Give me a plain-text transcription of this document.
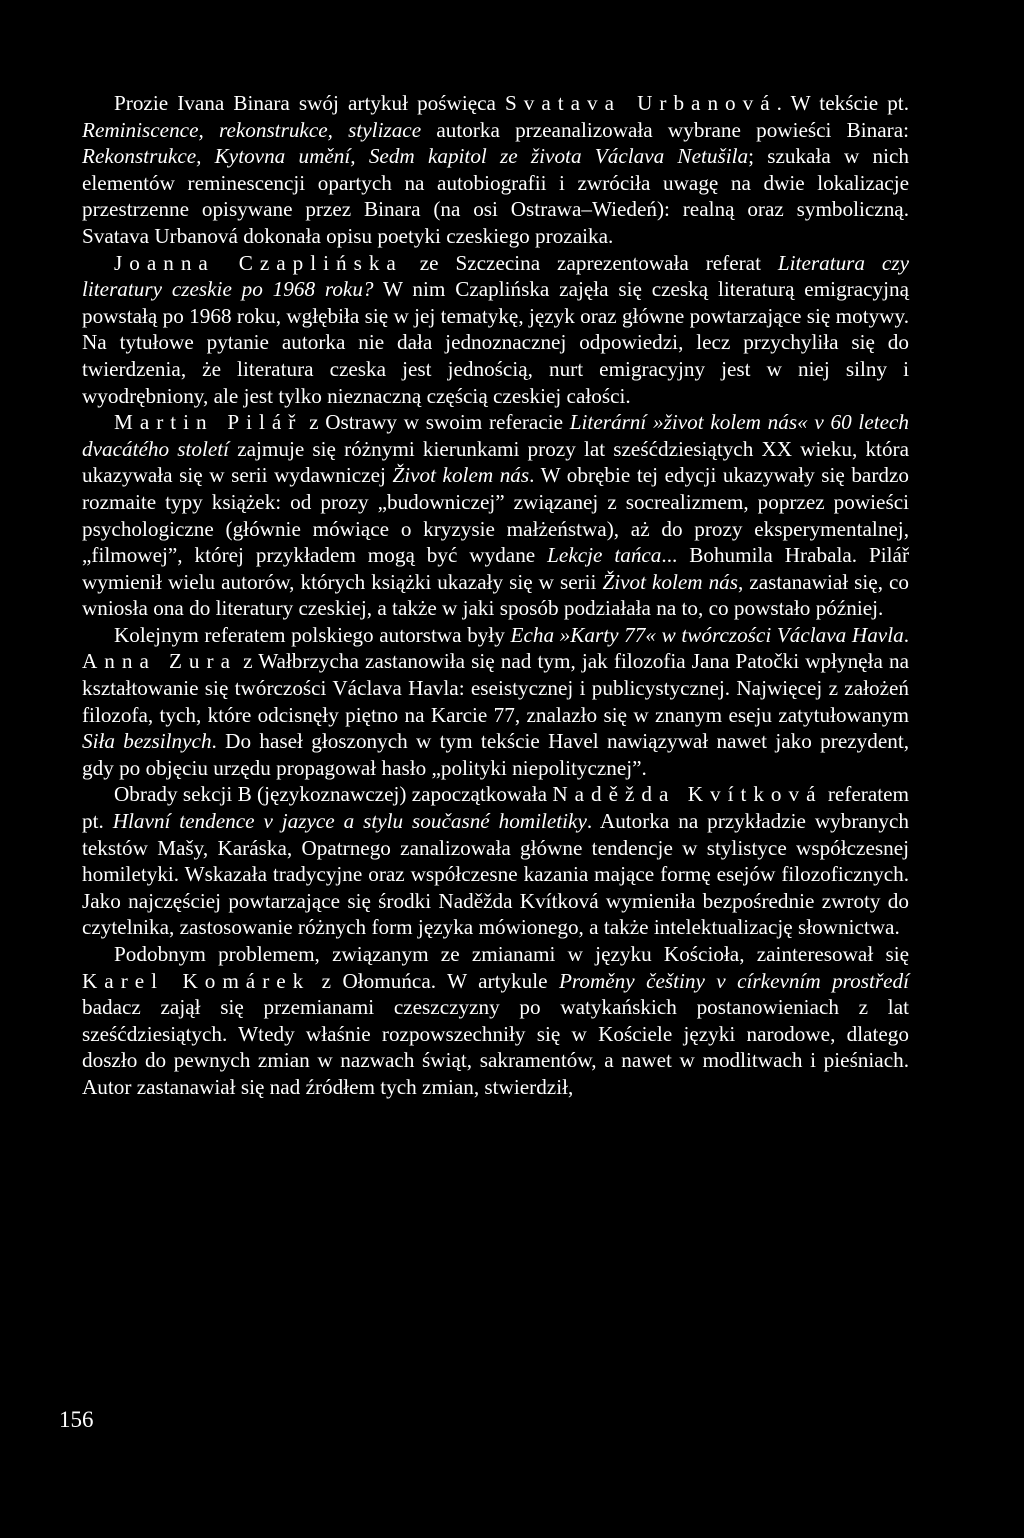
Prozie Ivana Binara swój artykuł poświęca Svatava Urbanová. W tekście pt. Reminiscence, rekonstrukce, stylizace autorka przeanalizowała wybrane powieści Binara: Rekonstrukce, Kytovna umění, Sedm kapitol ze života Václava Netušila; szukała w nich elementów reminescencji opartych na autobiografii i zwróciła uwagę na dwie lokalizacje przestrzenne opisywane przez Binara (na osi Ostrawa–Wiedeń): realną oraz symboliczną. Svatava Urbanová dokonała opisu poetyki czeskiego prozaika.

Joanna Czaplińska ze Szczecina zaprezentowała referat Literatura czy literatury czeskie po 1968 roku? W nim Czaplińska zajęła się czeską literaturą emigracyjną powstałą po 1968 roku, wgłębiła się w jej tematykę, język oraz główne powtarzające się motywy. Na tytułowe pytanie autorka nie dała jednoznacznej odpowiedzi, lecz przychyliła się do twierdzenia, że literatura czeska jest jednością, nurt emigracyjny jest w niej silny i wyodrębniony, ale jest tylko nieznaczną częścią czeskiej całości.

Martin Pilář z Ostrawy w swoim referacie Literární »život kolem nás« v 60 letech dvacátého století zajmuje się różnymi kierunkami prozy lat sześćdziesiątych XX wieku, która ukazywała się w serii wydawniczej Život kolem nás. W obrębie tej edycji ukazywały się bardzo rozmaite typy książek: od prozy „budowniczej” związanej z socrealizmem, poprzez powieści psychologiczne (głównie mówiące o kryzysie małżeństwa), aż do prozy eksperymentalnej, „filmowej”, której przykładem mogą być wydane Lekcje tańca... Bohumila Hrabala. Pilář wymienił wielu autorów, których książki ukazały się w serii Život kolem nás, zastanawiał się, co wniosła ona do literatury czeskiej, a także w jaki sposób podziałała na to, co powstało później.

Kolejnym referatem polskiego autorstwa były Echa »Karty 77« w twórczości Václava Havla. Anna Zura z Wałbrzycha zastanowiła się nad tym, jak filozofia Jana Patočki wpłynęła na kształtowanie się twórczości Václava Havla: eseistycznej i publicystycznej. Najwięcej z założeń filozofa, tych, które odcisnęły piętno na Karcie 77, znalazło się w znanym eseju zatytułowanym Siła bezsilnych. Do haseł głoszonych w tym tekście Havel nawiązywał nawet jako prezydent, gdy po objęciu urzędu propagował hasło „polityki niepolitycznej”.

Obrady sekcji B (językoznawczej) zapoczątkowała Naděžda Kvítková referatem pt. Hlavní tendence v jazyce a stylu současné homiletiky. Autorka na przykładzie wybranych tekstów Mašy, Karáska, Opatrnego zanalizowała główne tendencje w stylistyce współczesnej homiletyki. Wskazała tradycyjne oraz współczesne kazania mające formę esejów filozoficznych. Jako najczęściej powtarzające się środki Naděžda Kvítková wymieniła bezpośrednie zwroty do czytelnika, zastosowanie różnych form języka mówionego, a także intelektualizację słownictwa.

Podobnym problemem, związanym ze zmianami w języku Kościoła, zainteresował się Karel Komárek z Ołomuńca. W artykule Proměny češtiny v církevním prostředí badacz zajął się przemianami czeszczyzny po watykańskich postanowieniach z lat sześćdziesiątych. Wtedy właśnie rozpowszechniły się w Kościele języki narodowe, dlatego doszło do pewnych zmian w nazwach świąt, sakramentów, a nawet w modlitwach i pieśniach. Autor zastanawiał się nad źródłem tych zmian, stwierdził,

156
